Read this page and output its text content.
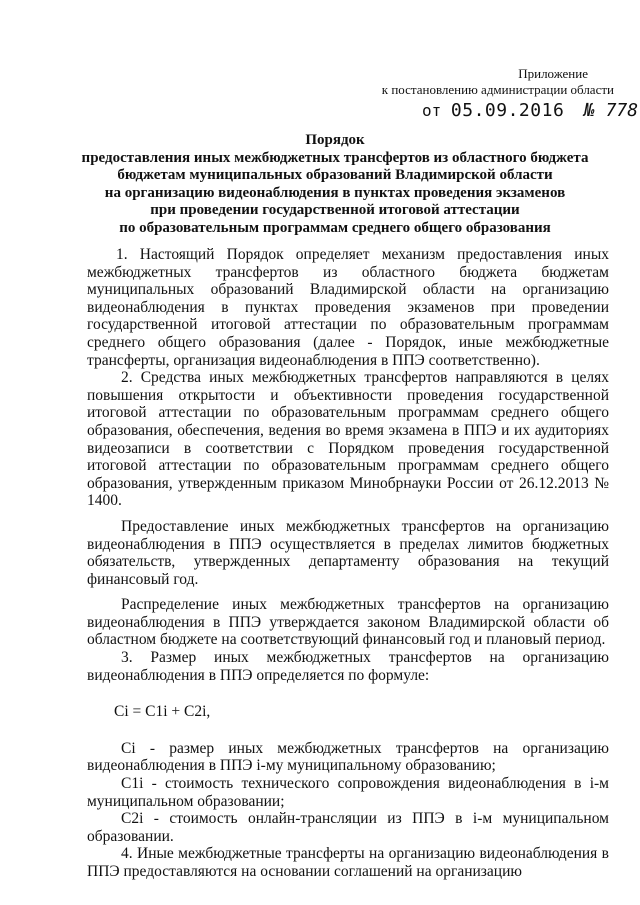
Приложение
к постановлению администрации области
от 05.09.2016 № 778
Порядок
предоставления иных межбюджетных трансфертов из областного бюджета
бюджетам муниципальных образований Владимирской области
на организацию видеонаблюдения в пунктах проведения экзаменов
при проведении государственной итоговой аттестации
по образовательным программам среднего общего образования

1. Настоящий Порядок определяет механизм предоставления иных межбюджетных трансфертов из областного бюджета бюджетам муниципальных образований Владимирской области на организацию видеонаблюдения в пунктах проведения экзаменов при проведении государственной итоговой аттестации по образовательным программам среднего общего образования (далее - Порядок, иные межбюджетные трансферты, организация видеонаблюдения в ППЭ соответственно).

2. Средства иных межбюджетных трансфертов направляются в целях повышения открытости и объективности проведения государственной итоговой аттестации по образовательным программам среднего общего образования, обеспечения, ведения во время экзамена в ППЭ и их аудиториях видеозаписи в соответствии с Порядком проведения государственной итоговой аттестации по образовательным программам среднего общего образования, утвержденным приказом Минобрнауки России от 26.12.2013 № 1400.

Предоставление иных межбюджетных трансфертов на организацию видеонаблюдения в ППЭ осуществляется в пределах лимитов бюджетных обязательств, утвержденных департаменту образования на текущий финансовый год.

Распределение иных межбюджетных трансфертов на организацию видеонаблюдения в ППЭ утверждается законом Владимирской области об областном бюджете на соответствующий финансовый год и плановый период.

3. Размер иных межбюджетных трансфертов на организацию видеонаблюдения в ППЭ определяется по формуле:

Ci = C1i + C2i,

Ci - размер иных межбюджетных трансфертов на организацию видеонаблюдения в ППЭ i-му муниципальному образованию;

C1i - стоимость технического сопровождения видеонаблюдения в i-м муниципальном образовании;

C2i - стоимость онлайн-трансляции из ППЭ в i-м муниципальном образовании.

4. Иные межбюджетные трансферты на организацию видеонаблюдения в ППЭ предоставляются на основании соглашений на организацию
